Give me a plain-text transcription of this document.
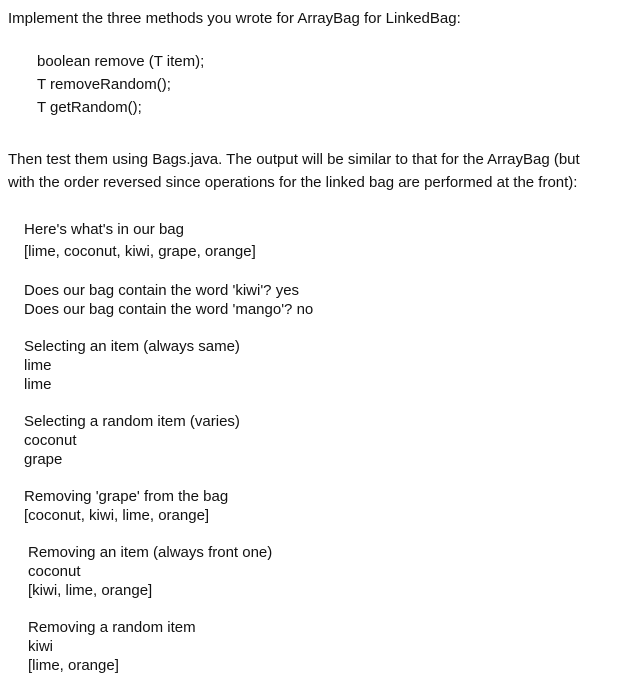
Implement the three methods you wrote for ArrayBag for LinkedBag:

boolean remove (T item);

T removeRandom();

T getRandom();

Then test them using Bags.java. The output will be similar to that for the ArrayBag (but

with the order reversed since operations for the linked bag are performed at the front):

Here's what's in our bag

[lime, coconut, kiwi, grape, orange]

Does our bag contain the word 'kiwi'? yes

Does our bag contain the word 'mango'? no

Selecting an item (always same)

lime

lime

Selecting a random item (varies)

coconut

grape

Removing 'grape' from the bag

[coconut, kiwi, lime, orange]

Removing an item (always front one)

coconut

[kiwi, lime, orange]

Removing a random item

kiwi

[lime, orange]
